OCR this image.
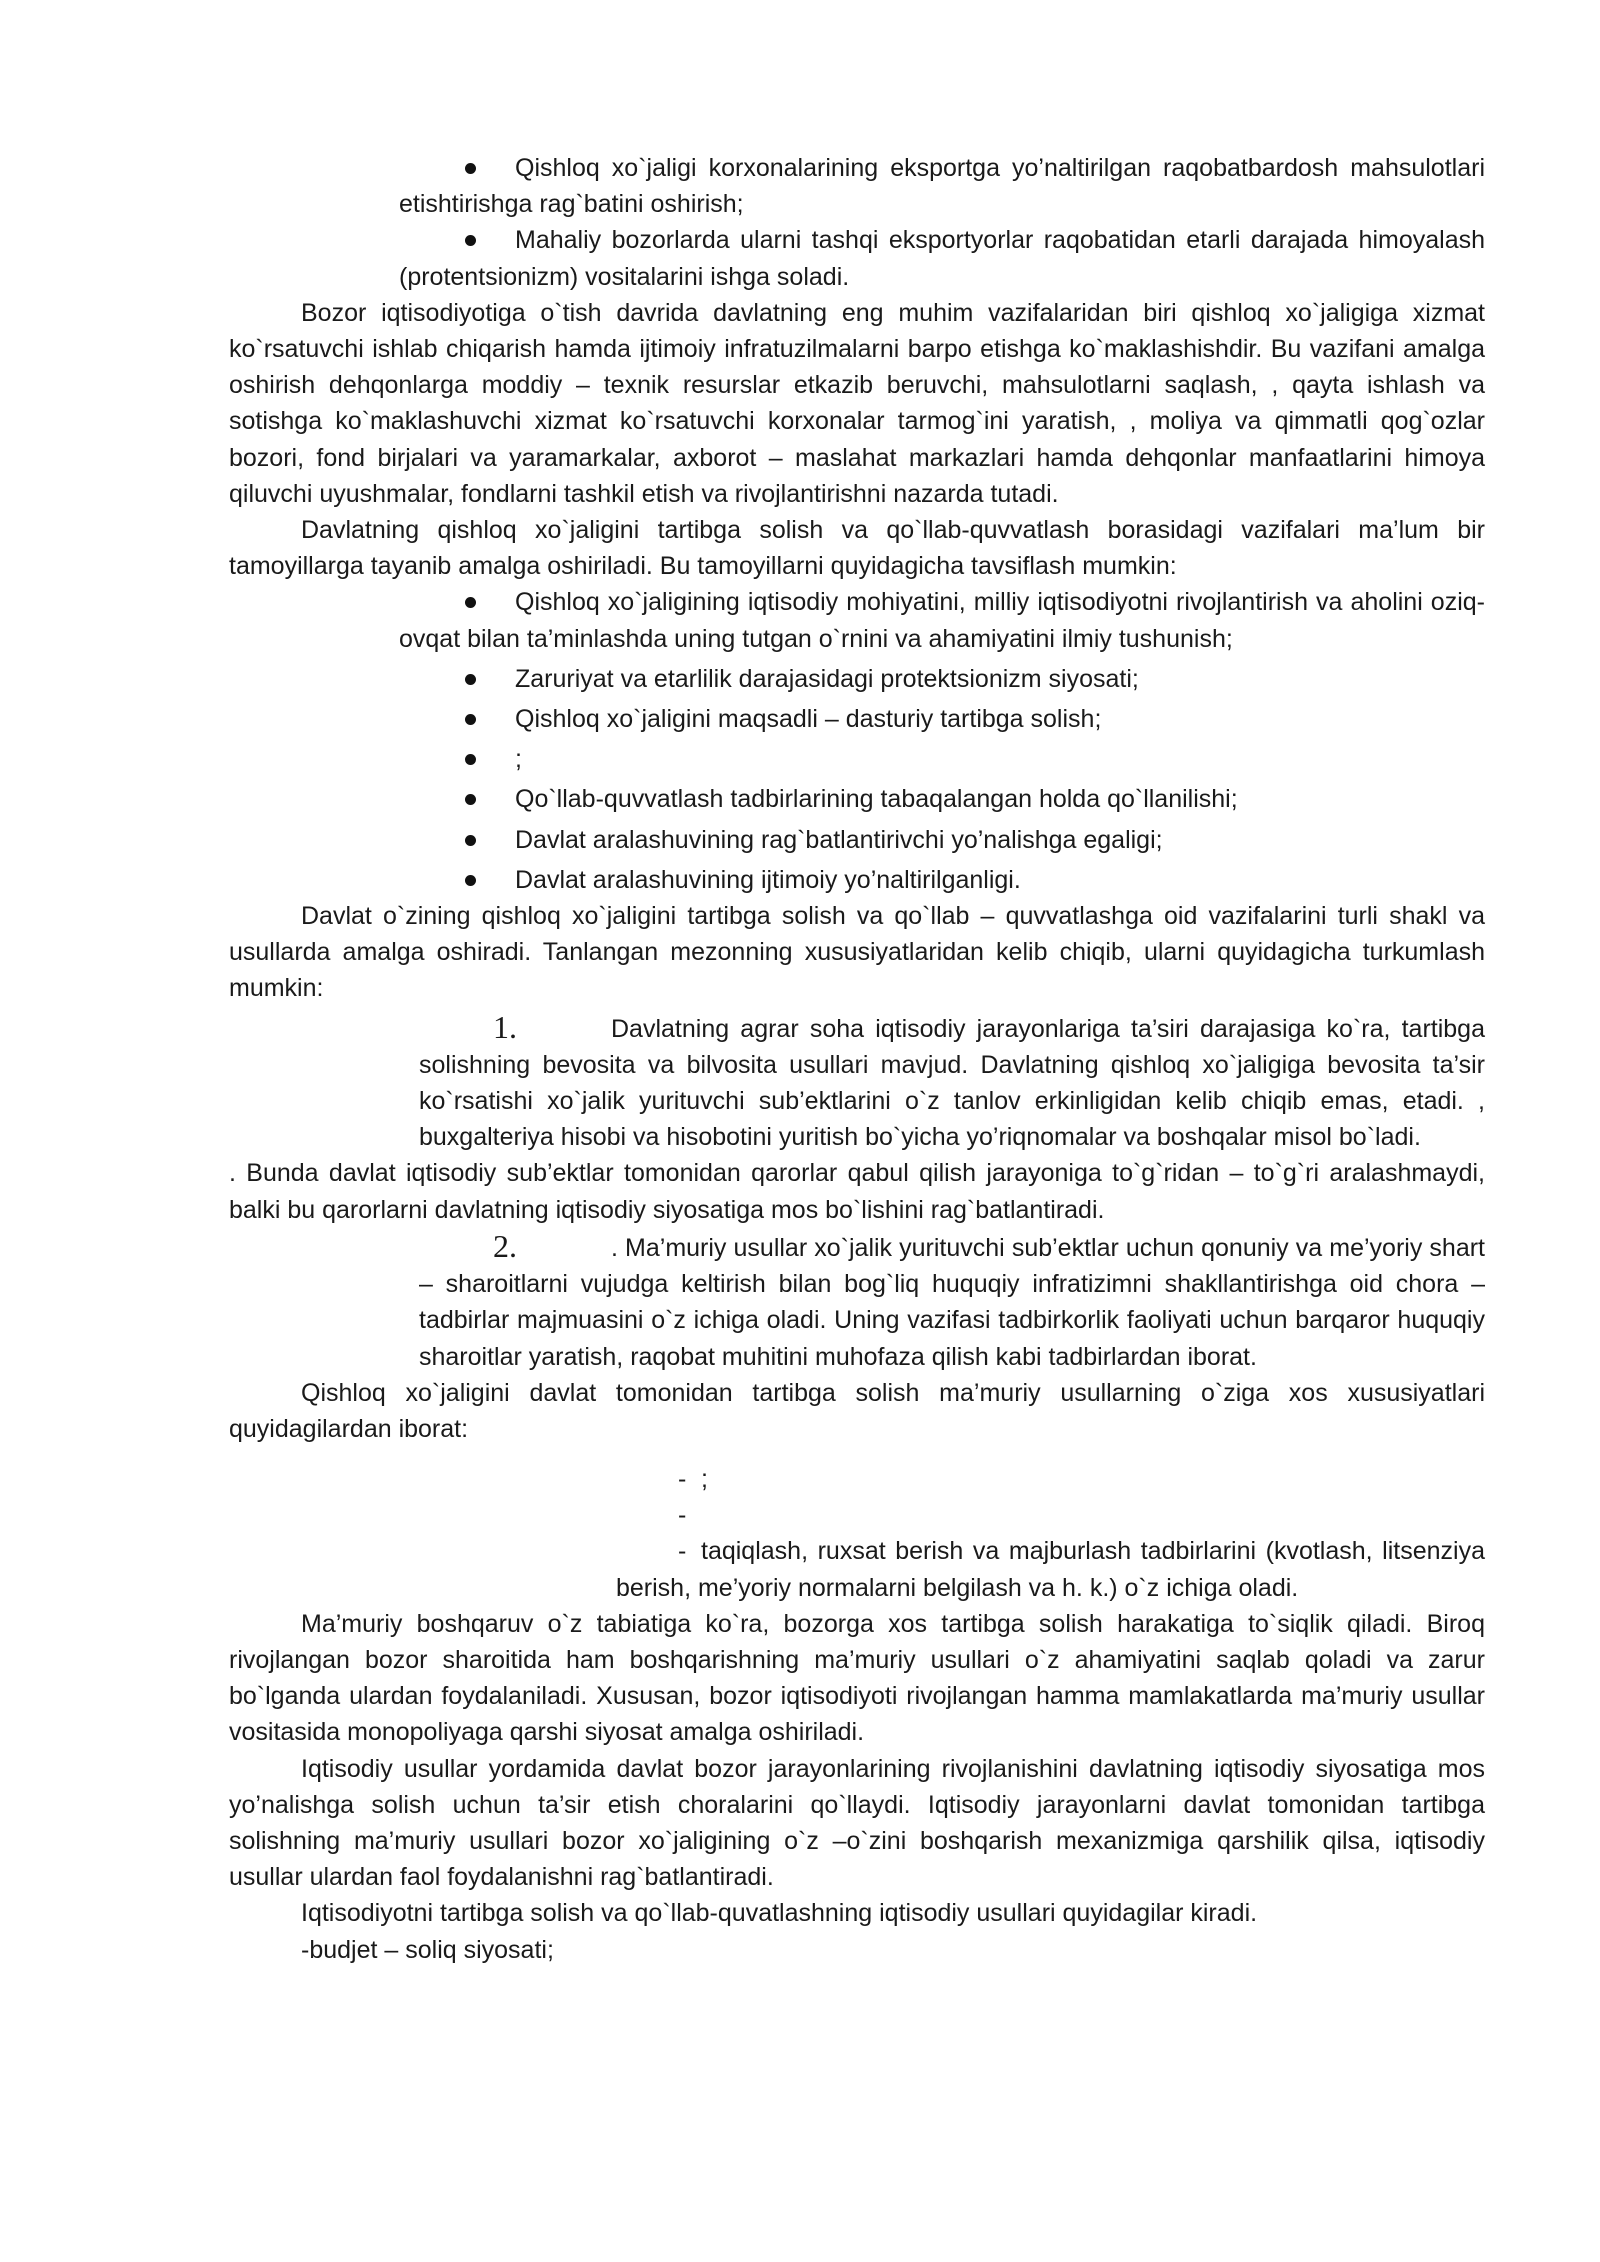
Qishloq xo`jaligi korxonalarining eksportga yo’naltirilgan raqobatbardosh mahsulotlari etishtirishga rag`batini oshirish;

Mahaliy bozorlarda ularni tashqi eksportyorlar raqobatidan etarli darajada himoyalash (protentsionizm) vositalarini ishga soladi.

Bozor iqtisodiyotiga o`tish davrida davlatning eng muhim vazifalaridan biri qishloq xo`jaligiga xizmat ko`rsatuvchi ishlab chiqarish hamda ijtimoiy infratuzilmalarni barpo etishga ko`maklashishdir. Bu vazifani amalga oshirish dehqonlarga moddiy – texnik resurslar etkazib beruvchi, mahsulotlarni saqlash, , qayta ishlash va sotishga ko`maklashuvchi xizmat ko`rsatuvchi korxonalar tarmog`ini yaratish, , moliya va qimmatli qog`ozlar bozori, fond birjalari va yaramarkalar, axborot – maslahat markazlari hamda dehqonlar manfaatlarini himoya qiluvchi uyushmalar, fondlarni tashkil etish va rivojlantirishni nazarda tutadi.

Davlatning qishloq xo`jaligini tartibga solish va qo`llab-quvvatlash borasidagi vazifalari ma’lum bir tamoyillarga tayanib amalga oshiriladi. Bu tamoyillarni quyidagicha tavsiflash mumkin:

Qishloq xo`jaligining iqtisodiy mohiyatini, milliy iqtisodiyotni rivojlantirish va aholini oziq-ovqat bilan ta’minlashda uning tutgan o`rnini va ahamiyatini ilmiy tushunish;

Zaruriyat va etarlilik darajasidagi protektsionizm siyosati;

Qishloq xo`jaligini maqsadli – dasturiy tartibga solish;

;

Qo`llab-quvvatlash tadbirlarining tabaqalangan holda qo`llanilishi;

Davlat aralashuvining rag`batlantirivchi yo’nalishga egaligi;

Davlat aralashuvining ijtimoiy yo’naltirilganligi.

Davlat o`zining qishloq xo`jaligini tartibga solish va qo`llab – quvvatlashga oid vazifalarini turli shakl va usullarda amalga oshiradi. Tanlangan mezonning xususiyatlaridan kelib chiqib, ularni quyidagicha turkumlash mumkin:

1.	Davlatning agrar soha iqtisodiy jarayonlariga ta’siri darajasiga ko`ra, tartibga solishning bevosita va bilvosita usullari mavjud. Davlatning qishloq xo`jaligiga bevosita ta’sir ko`rsatishi xo`jalik yurituvchi sub’ektlarini o`z tanlov erkinligidan kelib chiqib emas, etadi. , buxgalteriya hisobi va hisobotini yuritish bo`yicha yo’riqnomalar va boshqalar misol bo`ladi.

. Bunda davlat iqtisodiy sub’ektlar tomonidan qarorlar qabul qilish jarayoniga to`g`ridan – to`g`ri aralashmaydi, balki bu qarorlarni davlatning iqtisodiy siyosatiga mos bo`lishini rag`batlantiradi.

2.	. Ma’muriy usullar xo`jalik yurituvchi sub’ektlar uchun qonuniy va me’yoriy shart – sharoitlarni vujudga keltirish bilan bog`liq huquqiy infratizimni shakllantirishga oid chora – tadbirlar majmuasini o`z ichiga oladi. Uning vazifasi tadbirkorlik faoliyati uchun barqaror huquqiy sharoitlar yaratish, raqobat muhitini muhofaza qilish kabi tadbirlardan iborat.

Qishloq xo`jaligini davlat tomonidan tartibga solish ma’muriy usullarning o`ziga xos xususiyatlari quyidagilardan iborat:

- ;

-

- taqiqlash, ruxsat berish va majburlash tadbirlarini (kvotlash, litsenziya berish, me’yoriy normalarni belgilash va h. k.) o`z ichiga oladi.

Ma’muriy boshqaruv o`z tabiatiga ko`ra, bozorga xos tartibga solish harakatiga to`siqlik qiladi. Biroq rivojlangan bozor sharoitida ham boshqarishning ma’muriy usullari o`z ahamiyatini saqlab qoladi va zarur bo`lganda ulardan foydalaniladi. Xususan, bozor iqtisodiyoti rivojlangan hamma mamlakatlarda ma’muriy usullar vositasida monopoliyaga qarshi siyosat amalga oshiriladi.

Iqtisodiy usullar yordamida davlat bozor jarayonlarining rivojlanishini davlatning iqtisodiy siyosatiga mos yo’nalishga solish uchun ta’sir etish choralarini qo`llaydi. Iqtisodiy jarayonlarni davlat tomonidan tartibga solishning ma’muriy usullari bozor xo`jaligining o`z –o`zini boshqarish mexanizmiga qarshilik qilsa, iqtisodiy usullar ulardan faol foydalanishni rag`batlantiradi.

Iqtisodiyotni tartibga solish va qo`llab-quvatlashning iqtisodiy usullari quyidagilar kiradi.

-budjet – soliq siyosati;
